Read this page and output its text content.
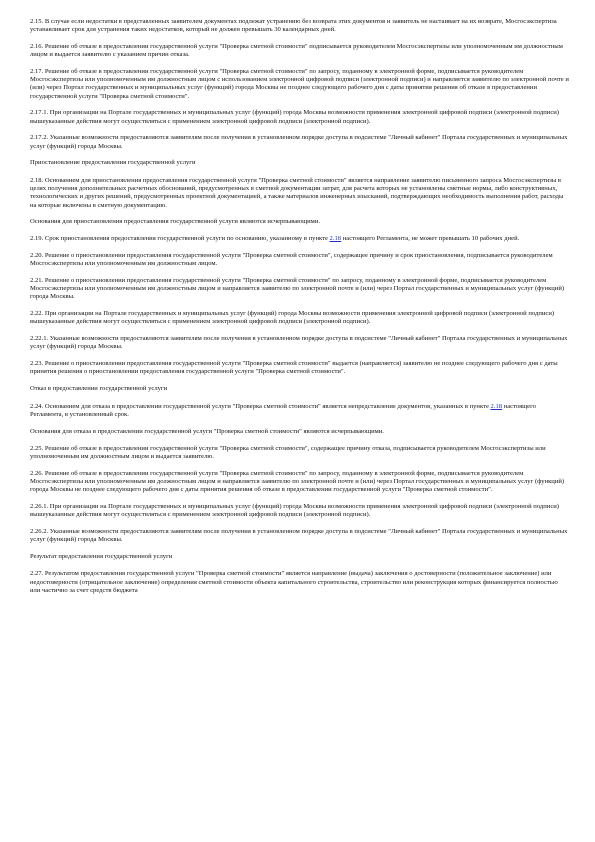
2.15. В случае если недостатки в представленных заявителем документах подлежат устранению без возврата этих документов и заявитель не настаивает на их возврате, Мосгосэкспертиза устанавливает срок для устранения таких недостатков, который не должен превышать 30 календарных дней.

2.16. Решение об отказе в предоставлении государственной услуги "Проверка сметной стоимости" подписывается руководителем Мосгосэкспертизы или уполномоченным им должностным лицом и выдается заявителю с указанием причин отказа.

2.17. Решение об отказе в предоставлении государственной услуги "Проверка сметной стоимости" по запросу, поданному в электронной форме, подписывается руководителем Мосгосэкспертизы или уполномоченным им должностным лицом с использованием электронной цифровой подписи (электронной подписи) и направляется заявителю по электронной почте и (или) через Портал государственных и муниципальных услуг (функций) города Москвы не позднее следующего рабочего дня с даты принятия решения об отказе в предоставлении государственной услуги "Проверка сметной стоимости".

2.17.1. При организации на Портале государственных и муниципальных услуг (функций) города Москвы возможности применения электронной цифровой подписи (электронной подписи) вышеуказанные действия могут осуществляться с применением электронной цифровой подписи (электронной подписи).

2.17.2. Указанные возможности предоставляются заявителям после получения в установленном порядке доступа в подсистеме "Личный кабинет" Портала государственных и муниципальных услуг (функций) города Москвы.

Приостановление предоставления государственной услуги

2.18. Основанием для приостановления предоставления государственной услуги "Проверка сметной стоимости" является направление заявителю письменного запроса Мосгосэкспертизы в целях получения дополнительных расчетных обоснований, предусмотренных в сметной документации затрат, для расчета которых не установлены сметные нормы, либо конструктивных, технологических и других решений, предусмотренных проектной документацией, а также материалов инженерных изысканий, подтверждающих необходимость выполнения работ, расходы на которые включены в сметную документацию.

Основания для приостановления предоставления государственной услуги являются исчерпывающими.

2.19. Срок приостановления предоставления государственной услуги по основанию, указанному в пункте 2.18 настоящего Регламента, не может превышать 10 рабочих дней.

2.20. Решение о приостановлении предоставления государственной услуги "Проверка сметной стоимости", содержащее причину и срок приостановления, подписывается руководителем Мосгосэкспертизы или уполномоченным им должностным лицом.

2.21. Решение о приостановлении предоставления государственной услуги "Проверка сметной стоимости" по запросу, поданному в электронной форме, подписывается руководителем Мосгосэкспертизы или уполномоченным им должностным лицом и направляется заявителю по электронной почте и (или) через Портал государственных и муниципальных услуг (функций) города Москвы.

2.22. При организации на Портале государственных и муниципальных услуг (функций) города Москвы возможности применения электронной цифровой подписи (электронной подписи) вышеуказанные действия могут осуществляться с применением электронной цифровой подписи (электронной подписи).

2.22.1. Указанные возможности предоставляются заявителям после получения в установленном порядке доступа в подсистеме "Личный кабинет" Портала государственных и муниципальных услуг (функций) города Москвы.

2.23. Решение о приостановлении предоставления государственной услуги "Проверка сметной стоимости" выдается (направляется) заявителю не позднее следующего рабочего дня с даты принятия решения о приостановлении предоставления государственной услуги "Проверка сметной стоимости".

Отказ в предоставлении государственной услуги

2.24. Основанием для отказа в предоставлении государственной услуги "Проверка сметной стоимости" является непредставление документов, указанных в пункте 2.18 настоящего Регламента, в установленный срок.

Основания для отказа в предоставлении государственной услуги "Проверка сметной стоимости" являются исчерпывающими.

2.25. Решение об отказе в предоставлении государственной услуги "Проверка сметной стоимости", содержащее причину отказа, подписывается руководителем Мосгосэкспертизы или уполномоченным им должностным лицом и выдается заявителю.

2.26. Решение об отказе в предоставлении государственной услуги "Проверка сметной стоимости" по запросу, поданному в электронной форме, подписывается руководителем Мосгосэкспертизы или уполномоченным им должностным лицом и направляется заявителю по электронной почте и (или) через Портал государственных и муниципальных услуг (функций) города Москвы не позднее следующего рабочего дня с даты принятия решения об отказе в предоставлении государственной услуги "Проверка сметной стоимости".

2.26.1. При организации на Портале государственных и муниципальных услуг (функций) города Москвы возможности применения электронной цифровой подписи (электронной подписи) вышеуказанные действия могут осуществляться с применением электронной цифровой подписи (электронной подписи).

2.26.2. Указанные возможности предоставляются заявителям после получения в установленном порядке доступа в подсистеме "Личный кабинет" Портала государственных и муниципальных услуг (функций) города Москвы.

Результат предоставления государственной услуги

2.27. Результатом предоставления государственной услуги "Проверка сметной стоимости" является направление (выдача) заключения о достоверности (положительное заключение) или недостоверности (отрицательное заключение) определения сметной стоимости объекта капитального строительства, строительство или реконструкция которых финансируется полностью или частично за счет средств бюджета
